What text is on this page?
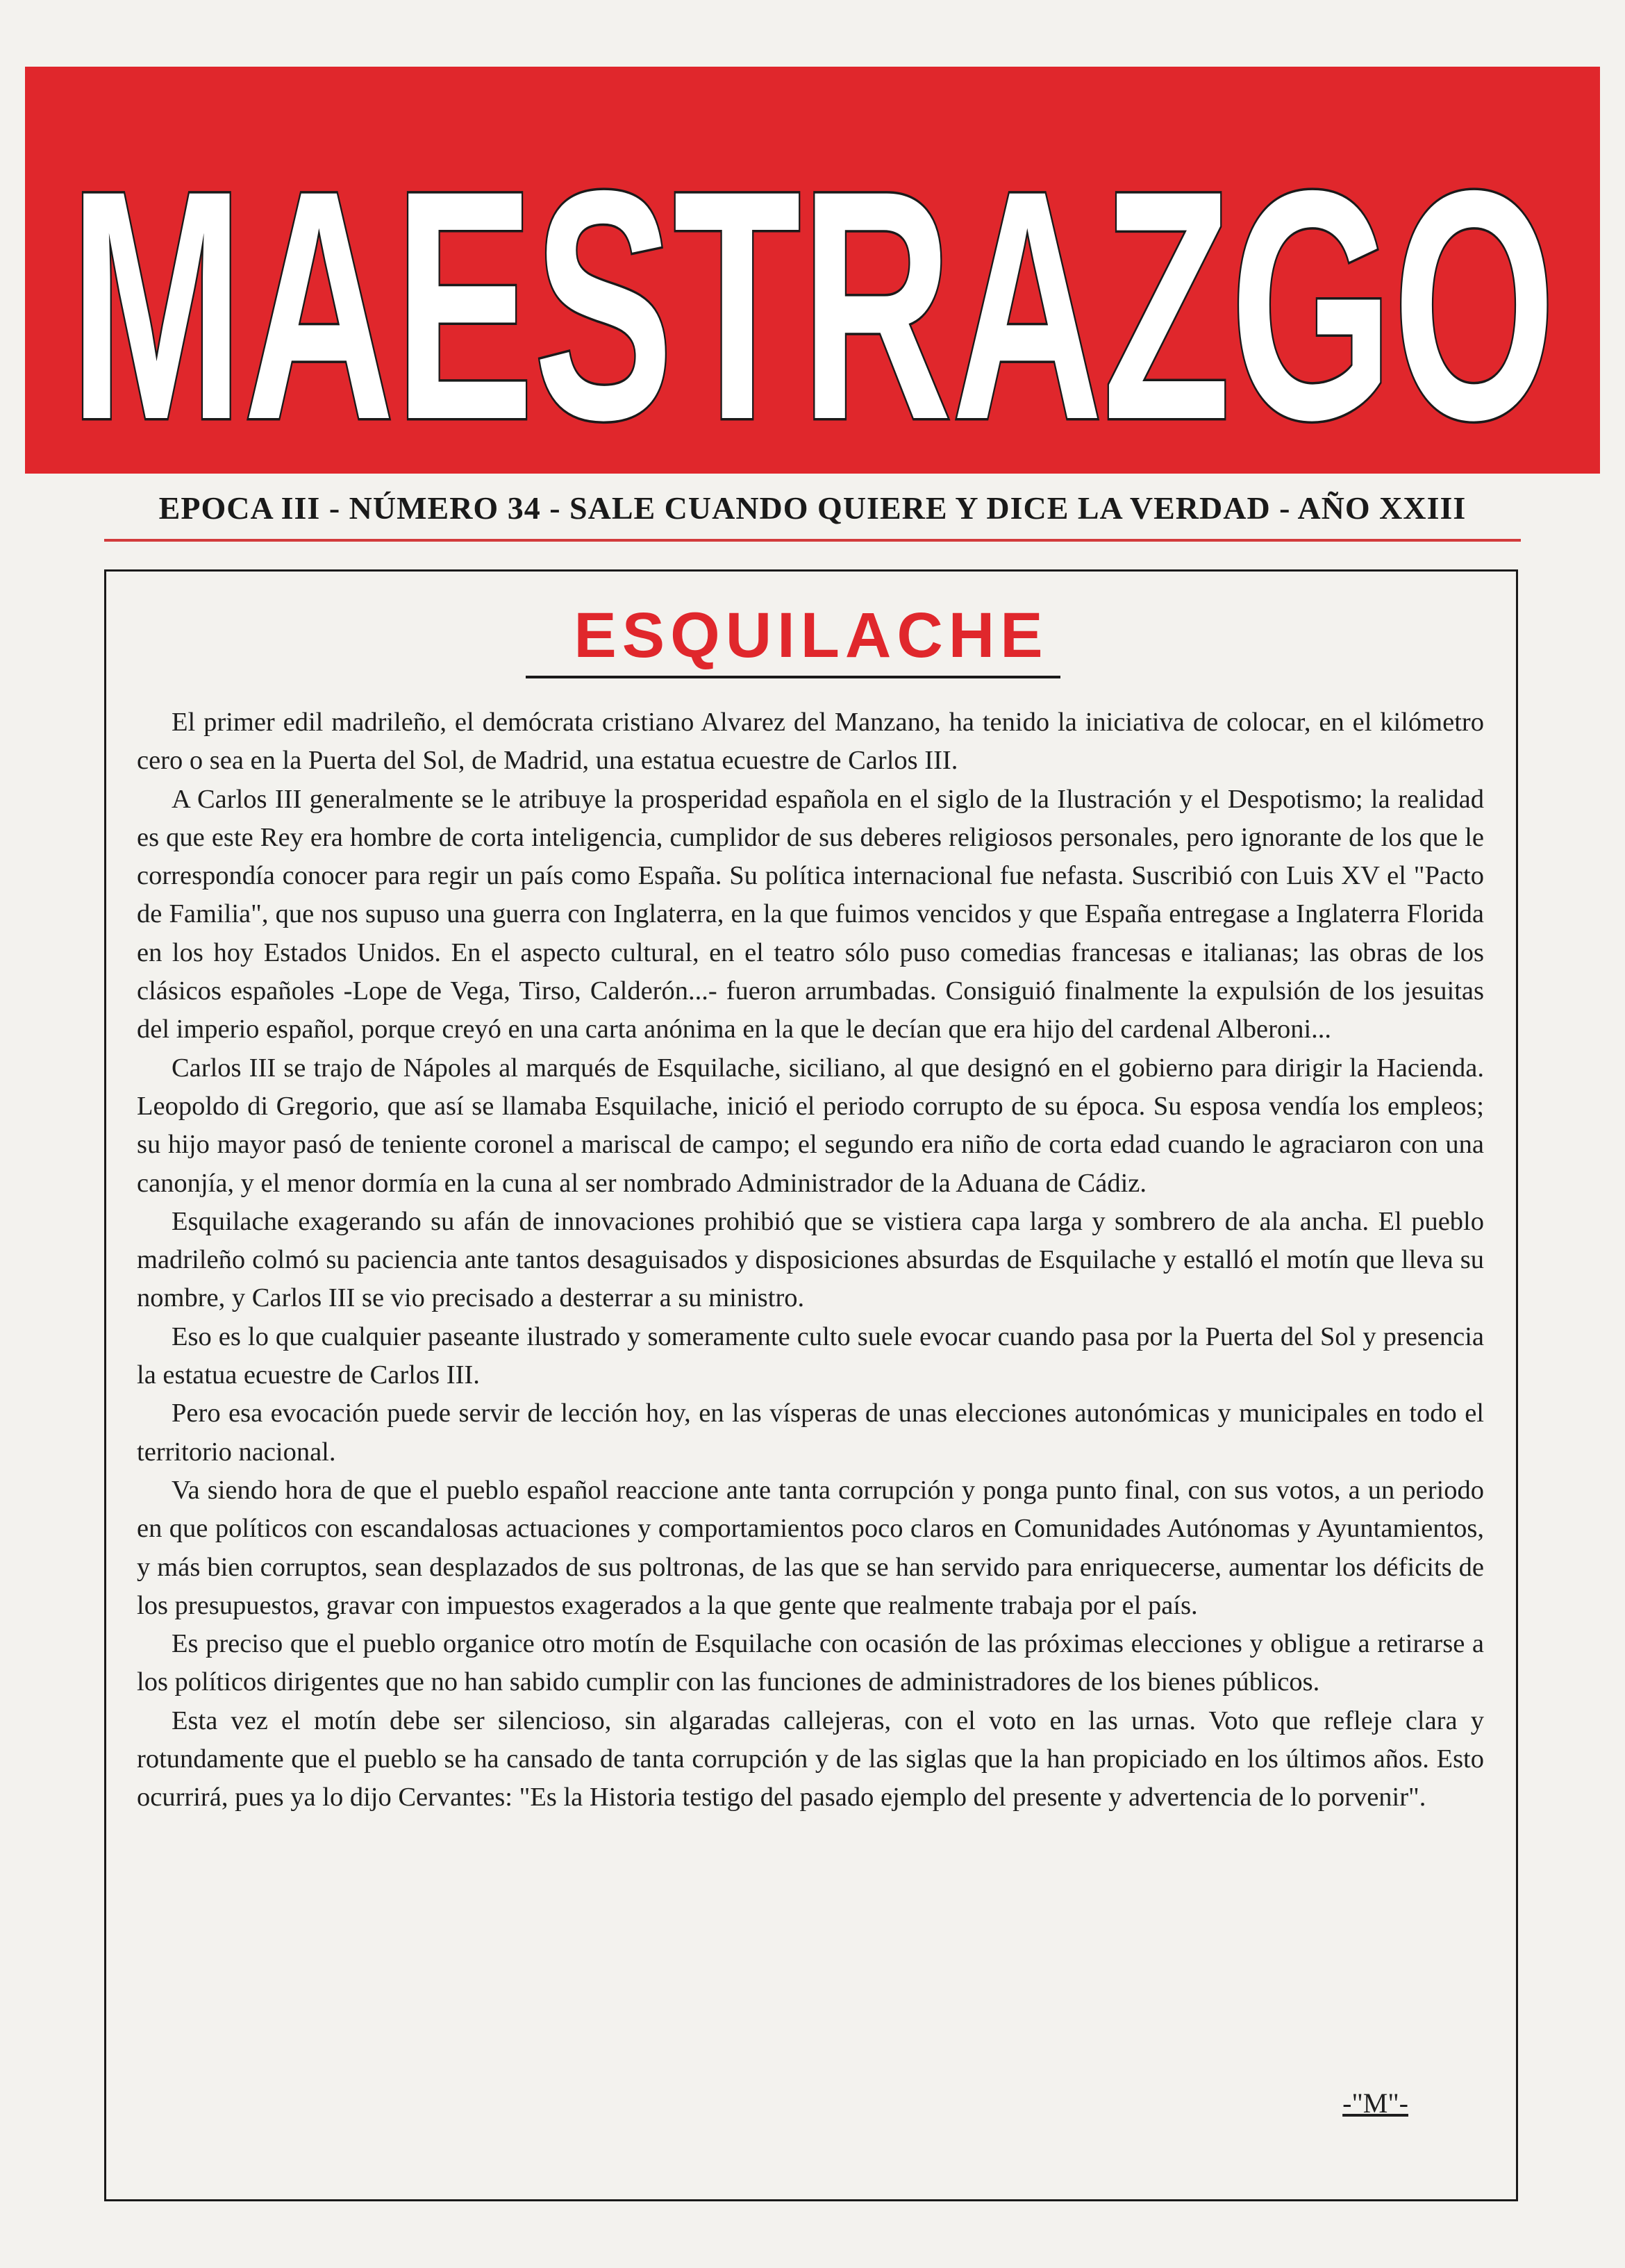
MAESTRAZGO
EPOCA III - NÚMERO 34 - SALE CUANDO QUIERE Y DICE LA VERDAD - AÑO XXIII
ESQUILACHE

El primer edil madrileño, el demócrata cristiano Alvarez del Manzano, ha tenido la iniciativa de colocar, en el kilómetro cero o sea en la Puerta del Sol, de Madrid, una estatua ecuestre de Carlos III.

A Carlos III generalmente se le atribuye la prosperidad española en el siglo de la Ilustración y el Despotismo; la realidad es que este Rey era hombre de corta inteligencia, cumplidor de sus deberes religiosos personales, pero ignorante de los que le correspondía conocer para regir un país como España. Su política internacional fue nefasta. Suscribió con Luis XV el "Pacto de Familia", que nos supuso una guerra con Inglaterra, en la que fuimos vencidos y que España entregase a Inglaterra Florida en los hoy Estados Unidos. En el aspecto cultural, en el teatro sólo puso comedias francesas e italianas; las obras de los clásicos españoles -Lope de Vega, Tirso, Calderón...- fueron arrumbadas. Consiguió finalmente la expulsión de los jesuitas del imperio español, porque creyó en una carta anónima en la que le decían que era hijo del cardenal Alberoni...

Carlos III se trajo de Nápoles al marqués de Esquilache, siciliano, al que designó en el gobierno para dirigir la Hacienda. Leopoldo di Gregorio, que así se llamaba Esquilache, inició el periodo corrupto de su época. Su esposa vendía los empleos; su hijo mayor pasó de teniente coronel a mariscal de campo; el segundo era niño de corta edad cuando le agraciaron con una canonjía, y el menor dormía en la cuna al ser nombrado Administrador de la Aduana de Cádiz.

Esquilache exagerando su afán de innovaciones prohibió que se vistiera capa larga y sombrero de ala ancha. El pueblo madrileño colmó su paciencia ante tantos desaguisados y disposiciones absurdas de Esquilache y estalló el motín que lleva su nombre, y Carlos III se vio precisado a desterrar a su ministro.

Eso es lo que cualquier paseante ilustrado y someramente culto suele evocar cuando pasa por la Puerta del Sol y presencia la estatua ecuestre de Carlos III.

Pero esa evocación puede servir de lección hoy, en las vísperas de unas elecciones autonómicas y municipales en todo el territorio nacional.

Va siendo hora de que el pueblo español reaccione ante tanta corrupción y ponga punto final, con sus votos, a un periodo en que políticos con escandalosas actuaciones y comportamientos poco claros en Comunidades Autónomas y Ayuntamientos, y más bien corruptos, sean desplazados de sus poltronas, de las que se han servido para enriquecerse, aumentar los déficits de los presupuestos, gravar con impuestos exagerados a la que gente que realmente trabaja por el país.

Es preciso que el pueblo organice otro motín de Esquilache con ocasión de las próximas elecciones y obligue a retirarse a los políticos dirigentes que no han sabido cumplir con las funciones de administradores de los bienes públicos.

Esta vez el motín debe ser silencioso, sin algaradas callejeras, con el voto en las urnas. Voto que refleje clara y rotundamente que el pueblo se ha cansado de tanta corrupción y de las siglas que la han propiciado en los últimos años. Esto ocurrirá, pues ya lo dijo Cervantes: "Es la Historia testigo del pasado ejemplo del presente y advertencia de lo porvenir".

-"M"-
